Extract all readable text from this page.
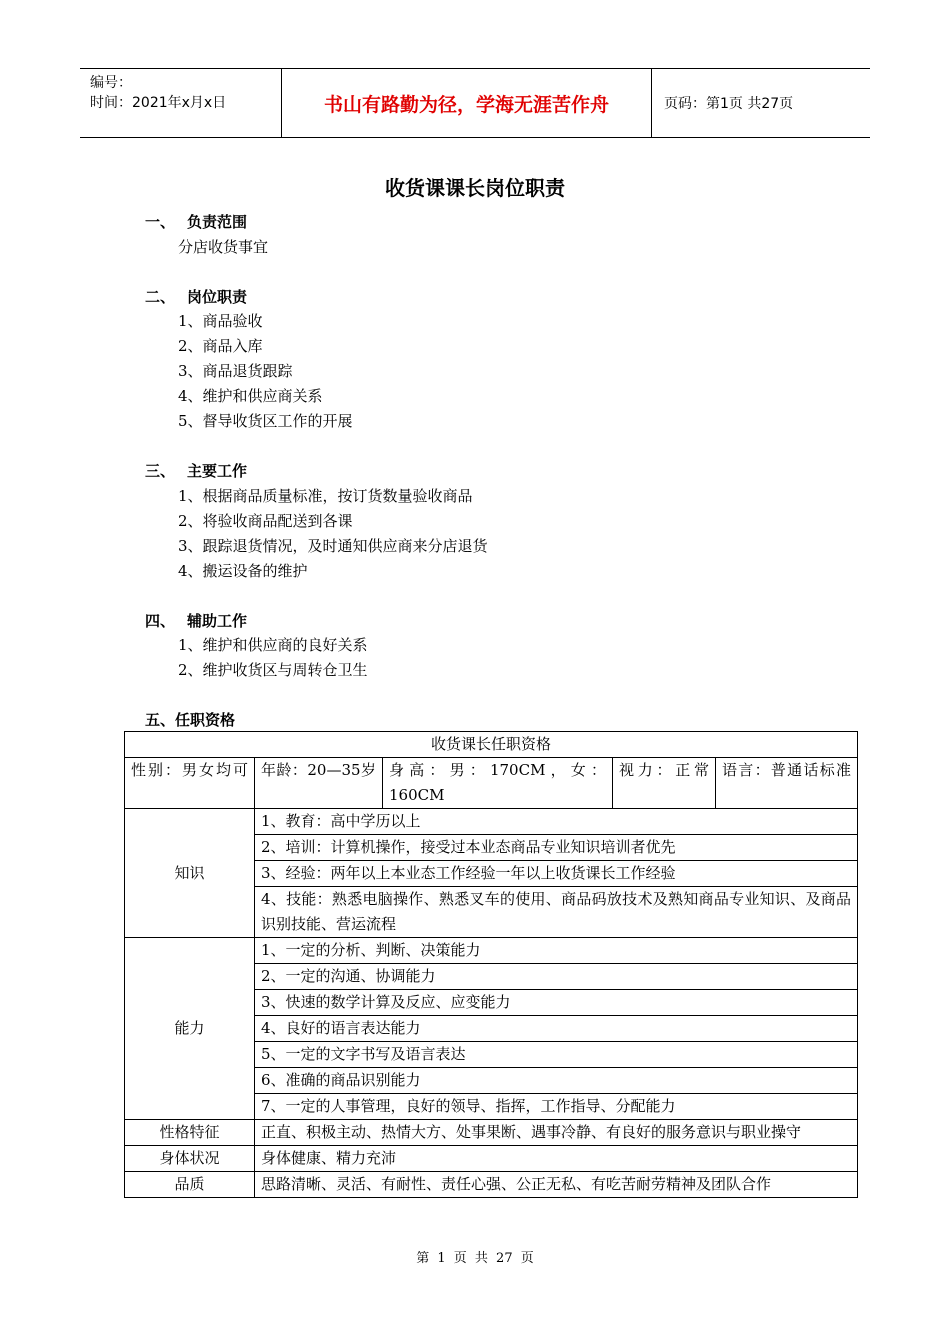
编号：
时间：2021年x月x日	书山有路勤为径，学海无涯苦作舟	页码：第1页 共27页
收货课课长岗位职责
一、 负责范围
分店收货事宜
二、 岗位职责
1、商品验收
2、商品入库
3、商品退货跟踪
4、维护和供应商关系
5、督导收货区工作的开展
三、 主要工作
1、根据商品质量标准，按订货数量验收商品
2、将验收商品配送到各课
3、跟踪退货情况，及时通知供应商来分店退货
4、搬运设备的维护
四、 辅助工作
1、维护和供应商的良好关系
2、维护收货区与周转仓卫生
五、任职资格
收货课长任职资格				
性别：男女均可	年龄：20—35岁	身高：男：170CM，女：160CM	视力：正常	语言：普通话标准
知识	1、教育：高中学历以上			
	2、培训：计算机操作，接受过本业态商品专业知识培训者优先			
	3、经验：两年以上本业态工作经验一年以上收货课长工作经验			
	4、技能：熟悉电脑操作、熟悉叉车的使用、商品码放技术及熟知商品专业知识、及商品识别技能、营运流程			
能力	1、一定的分析、判断、决策能力			
	2、一定的沟通、协调能力			
	3、快速的数学计算及反应、应变能力			
	4、良好的语言表达能力			
	5、一定的文字书写及语言表达			
	6、准确的商品识别能力			
	7、一定的人事管理，良好的领导、指挥，工作指导、分配能力			
性格特征	正直、积极主动、热情大方、处事果断、遇事冷静、有良好的服务意识与职业操守			
身体状况	身体健康、精力充沛			
品质	思路清晰、灵活、有耐性、责任心强、公正无私、有吃苦耐劳精神及团队合作			
第 1 页 共 27 页
